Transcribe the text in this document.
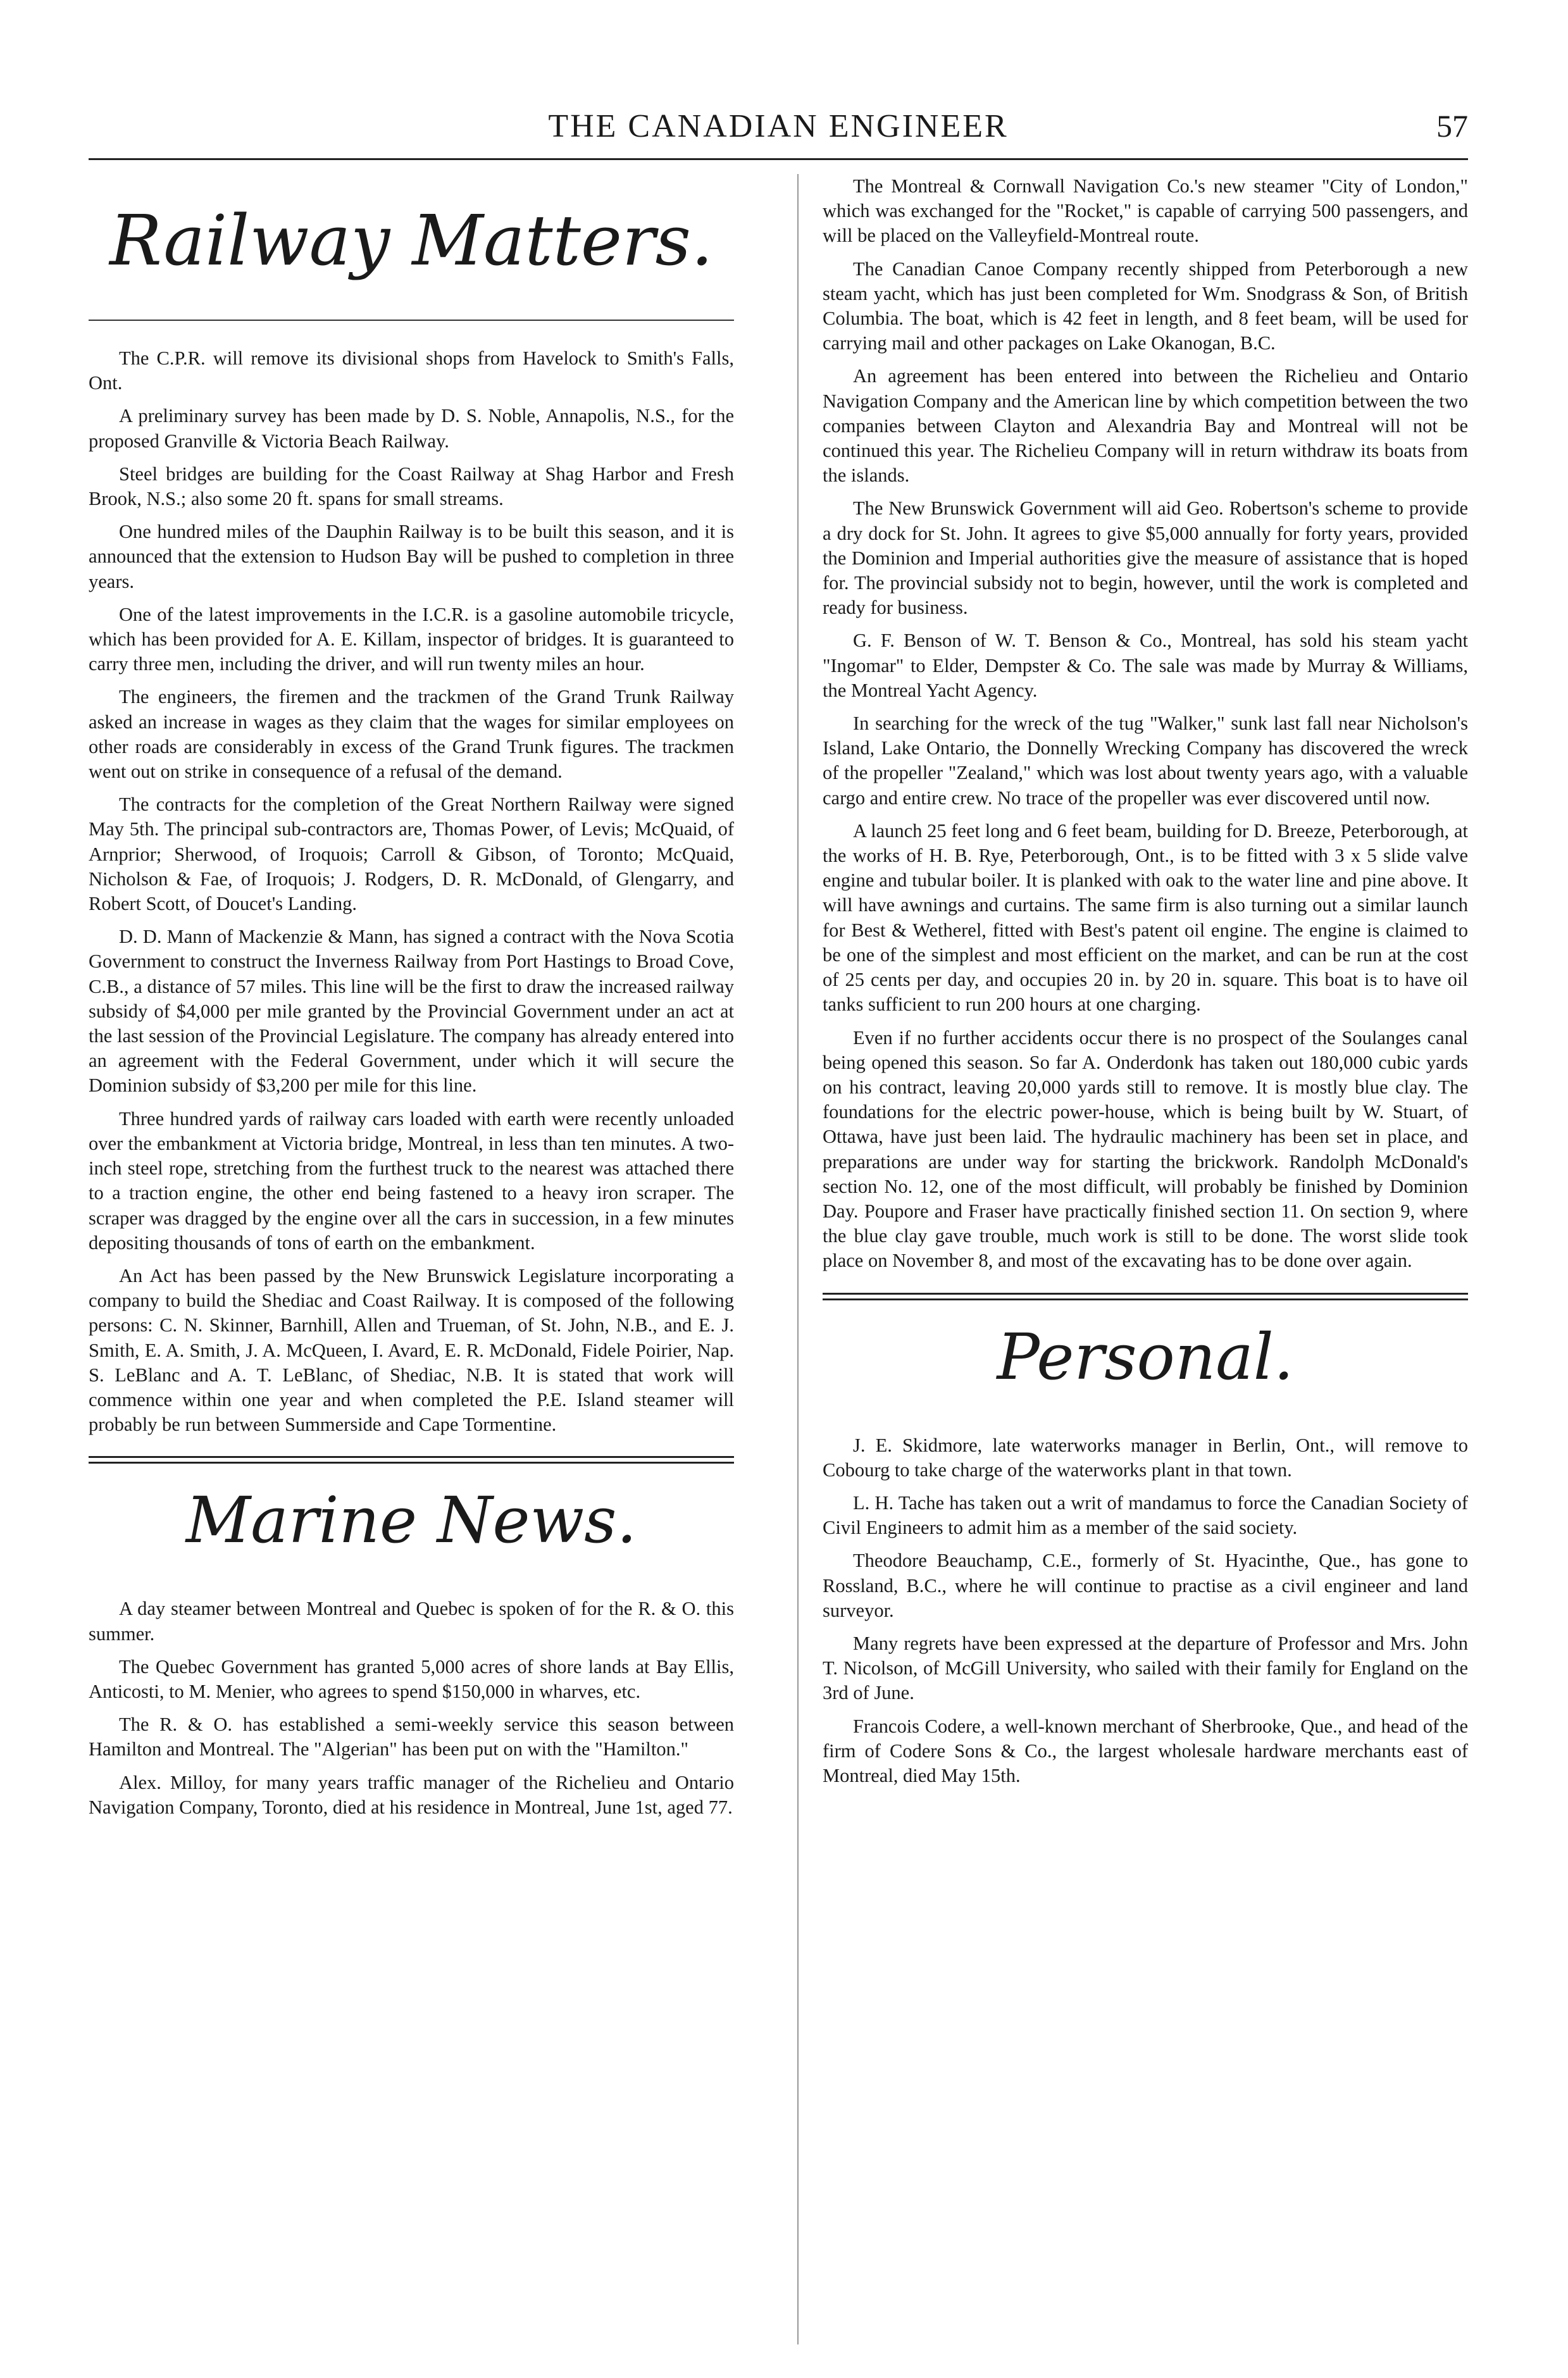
THE CANADIAN ENGINEER	57
Railway Matters.

The C.P.R. will remove its divisional shops from Havelock to Smith's Falls, Ont.

A preliminary survey has been made by D. S. Noble, Annapolis, N.S., for the proposed Granville & Victoria Beach Railway.

Steel bridges are building for the Coast Railway at Shag Harbor and Fresh Brook, N.S.; also some 20 ft. spans for small streams.

One hundred miles of the Dauphin Railway is to be built this season, and it is announced that the extension to Hudson Bay will be pushed to completion in three years.

One of the latest improvements in the I.C.R. is a gasoline automobile tricycle, which has been provided for A. E. Killam, inspector of bridges. It is guaranteed to carry three men, including the driver, and will run twenty miles an hour.

The engineers, the firemen and the trackmen of the Grand Trunk Railway asked an increase in wages as they claim that the wages for similar employees on other roads are considerably in excess of the Grand Trunk figures. The trackmen went out on strike in consequence of a refusal of the demand.

The contracts for the completion of the Great Northern Railway were signed May 5th. The principal sub-contractors are, Thomas Power, of Levis; McQuaid, of Arnprior; Sherwood, of Iroquois; Carroll & Gibson, of Toronto; McQuaid, Nicholson & Fae, of Iroquois; J. Rodgers, D. R. McDonald, of Glengarry, and Robert Scott, of Doucet's Landing.

D. D. Mann of Mackenzie & Mann, has signed a contract with the Nova Scotia Government to construct the Inverness Railway from Port Hastings to Broad Cove, C.B., a distance of 57 miles. This line will be the first to draw the increased railway subsidy of $4,000 per mile granted by the Provincial Government under an act at the last session of the Provincial Legislature. The company has already entered into an agreement with the Federal Government, under which it will secure the Dominion subsidy of $3,200 per mile for this line.

Three hundred yards of railway cars loaded with earth were recently unloaded over the embankment at Victoria bridge, Montreal, in less than ten minutes. A two-inch steel rope, stretching from the furthest truck to the nearest was attached there to a traction engine, the other end being fastened to a heavy iron scraper. The scraper was dragged by the engine over all the cars in succession, in a few minutes depositing thousands of tons of earth on the embankment.

An Act has been passed by the New Brunswick Legislature incorporating a company to build the Shediac and Coast Railway. It is composed of the following persons: C. N. Skinner, Barnhill, Allen and Trueman, of St. John, N.B., and E. J. Smith, E. A. Smith, J. A. McQueen, I. Avard, E. R. McDonald, Fidele Poirier, Nap. S. LeBlanc and A. T. LeBlanc, of Shediac, N.B. It is stated that work will commence within one year and when completed the P.E. Island steamer will probably be run between Summerside and Cape Tormentine.

Marine News.

A day steamer between Montreal and Quebec is spoken of for the R. & O. this summer.

The Quebec Government has granted 5,000 acres of shore lands at Bay Ellis, Anticosti, to M. Menier, who agrees to spend $150,000 in wharves, etc.

The R. & O. has established a semi-weekly service this season between Hamilton and Montreal. The "Algerian" has been put on with the "Hamilton."

Alex. Milloy, for many years traffic manager of the Richelieu and Ontario Navigation Company, Toronto, died at his residence in Montreal, June 1st, aged 77.

The Montreal & Cornwall Navigation Co.'s new steamer "City of London," which was exchanged for the "Rocket," is capable of carrying 500 passengers, and will be placed on the Valleyfield-Montreal route.

The Canadian Canoe Company recently shipped from Peterborough a new steam yacht, which has just been completed for Wm. Snodgrass & Son, of British Columbia. The boat, which is 42 feet in length, and 8 feet beam, will be used for carrying mail and other packages on Lake Okanogan, B.C.

An agreement has been entered into between the Richelieu and Ontario Navigation Company and the American line by which competition between the two companies between Clayton and Alexandria Bay and Montreal will not be continued this year. The Richelieu Company will in return withdraw its boats from the islands.

The New Brunswick Government will aid Geo. Robertson's scheme to provide a dry dock for St. John. It agrees to give $5,000 annually for forty years, provided the Dominion and Imperial authorities give the measure of assistance that is hoped for. The provincial subsidy not to begin, however, until the work is completed and ready for business.

G. F. Benson of W. T. Benson & Co., Montreal, has sold his steam yacht "Ingomar" to Elder, Dempster & Co. The sale was made by Murray & Williams, the Montreal Yacht Agency.

In searching for the wreck of the tug "Walker," sunk last fall near Nicholson's Island, Lake Ontario, the Donnelly Wrecking Company has discovered the wreck of the propeller "Zealand," which was lost about twenty years ago, with a valuable cargo and entire crew. No trace of the propeller was ever discovered until now.

A launch 25 feet long and 6 feet beam, building for D. Breeze, Peterborough, at the works of H. B. Rye, Peterborough, Ont., is to be fitted with 3 x 5 slide valve engine and tubular boiler. It is planked with oak to the water line and pine above. It will have awnings and curtains. The same firm is also turning out a similar launch for Best & Wetherel, fitted with Best's patent oil engine. The engine is claimed to be one of the simplest and most efficient on the market, and can be run at the cost of 25 cents per day, and occupies 20 in. by 20 in. square. This boat is to have oil tanks sufficient to run 200 hours at one charging.

Even if no further accidents occur there is no prospect of the Soulanges canal being opened this season. So far A. Onderdonk has taken out 180,000 cubic yards on his contract, leaving 20,000 yards still to remove. It is mostly blue clay. The foundations for the electric power-house, which is being built by W. Stuart, of Ottawa, have just been laid. The hydraulic machinery has been set in place, and preparations are under way for starting the brickwork. Randolph McDonald's section No. 12, one of the most difficult, will probably be finished by Dominion Day. Poupore and Fraser have practically finished section 11. On section 9, where the blue clay gave trouble, much work is still to be done. The worst slide took place on November 8, and most of the excavating has to be done over again.

Personal.

J. E. Skidmore, late waterworks manager in Berlin, Ont., will remove to Cobourg to take charge of the waterworks plant in that town.

L. H. Tache has taken out a writ of mandamus to force the Canadian Society of Civil Engineers to admit him as a member of the said society.

Theodore Beauchamp, C.E., formerly of St. Hyacinthe, Que., has gone to Rossland, B.C., where he will continue to practise as a civil engineer and land surveyor.

Many regrets have been expressed at the departure of Professor and Mrs. John T. Nicolson, of McGill University, who sailed with their family for England on the 3rd of June.

Francois Codere, a well-known merchant of Sherbrooke, Que., and head of the firm of Codere Sons & Co., the largest wholesale hardware merchants east of Montreal, died May 15th.
